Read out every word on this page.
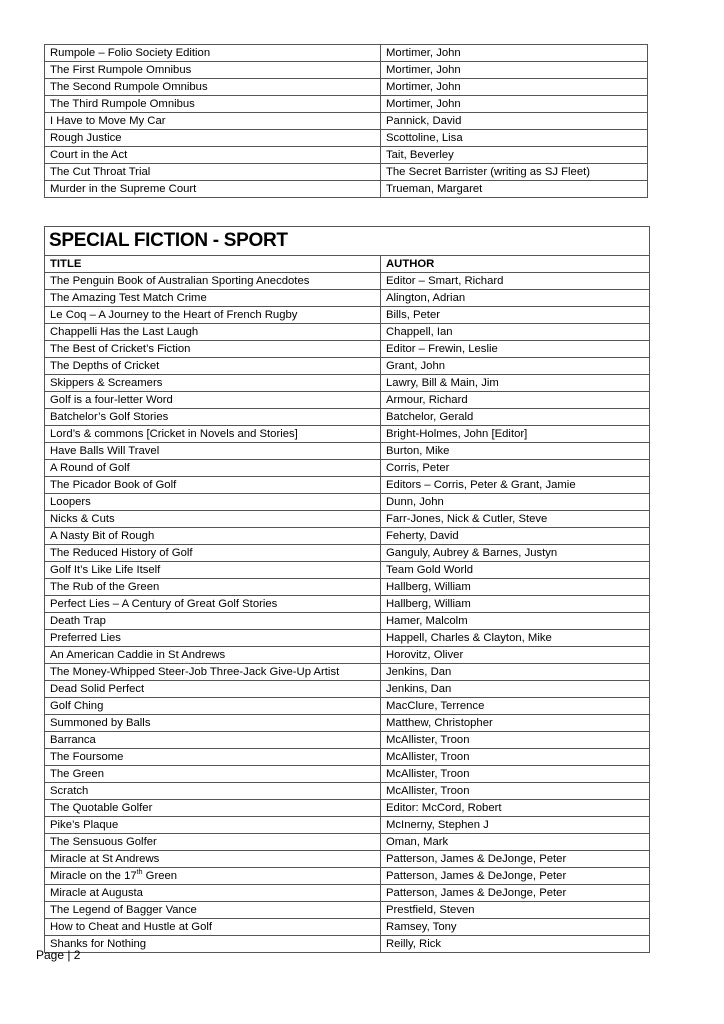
Rumpole – Folio Society Edition	Mortimer, John
The First Rumpole Omnibus	Mortimer, John
The Second Rumpole Omnibus	Mortimer, John
The Third Rumpole Omnibus	Mortimer, John
I Have to Move My Car	Pannick, David
Rough Justice	Scottoline, Lisa
Court in the Act	Tait, Beverley
The Cut Throat Trial	The Secret Barrister (writing as SJ Fleet)
Murder in the Supreme Court	Trueman, Margaret
SPECIAL FICTION - SPORT	
TITLE	AUTHOR
The Penguin Book of Australian Sporting Anecdotes	Editor – Smart, Richard
The Amazing Test Match Crime	Alington, Adrian
Le Coq – A Journey to the Heart of French Rugby	Bills, Peter
Chappelli Has the Last Laugh	Chappell, Ian
The Best of Cricket’s Fiction	Editor – Frewin, Leslie
The Depths of Cricket	Grant, John
Skippers & Screamers	Lawry, Bill & Main, Jim
Golf is a four-letter Word	Armour, Richard
Batchelor’s Golf Stories	Batchelor, Gerald
Lord’s & commons [Cricket in Novels and Stories]	Bright-Holmes, John [Editor]
Have Balls Will Travel	Burton, Mike
A Round of Golf	Corris, Peter
The Picador Book of Golf	Editors – Corris, Peter & Grant, Jamie
Loopers	Dunn, John
Nicks & Cuts	Farr-Jones, Nick & Cutler, Steve
A Nasty Bit of Rough	Feherty, David
The Reduced History of Golf	Ganguly, Aubrey & Barnes, Justyn
Golf It’s Like Life Itself	Team Gold World
The Rub of the Green	Hallberg, William
Perfect Lies – A Century of Great Golf Stories	Hallberg, William
Death Trap	Hamer, Malcolm
Preferred Lies	Happell, Charles & Clayton, Mike
An American Caddie in St Andrews	Horovitz, Oliver
The Money-Whipped Steer-Job Three-Jack Give-Up Artist	Jenkins, Dan
Dead Solid Perfect	Jenkins, Dan
Golf Ching	MacClure, Terrence
Summoned by Balls	Matthew, Christopher
Barranca	McAllister, Troon
The Foursome	McAllister, Troon
The Green	McAllister, Troon
Scratch	McAllister, Troon
The Quotable Golfer	Editor: McCord, Robert
Pike’s Plaque	McInerny, Stephen J
The Sensuous Golfer	Oman, Mark
Miracle at St Andrews	Patterson, James & DeJonge, Peter
Miracle on the 17th Green	Patterson, James & DeJonge, Peter
Miracle at Augusta	Patterson, James & DeJonge, Peter
The Legend of Bagger Vance	Prestfield, Steven
How to Cheat and Hustle at Golf	Ramsey, Tony
Shanks for Nothing	Reilly, Rick
Page | 2
